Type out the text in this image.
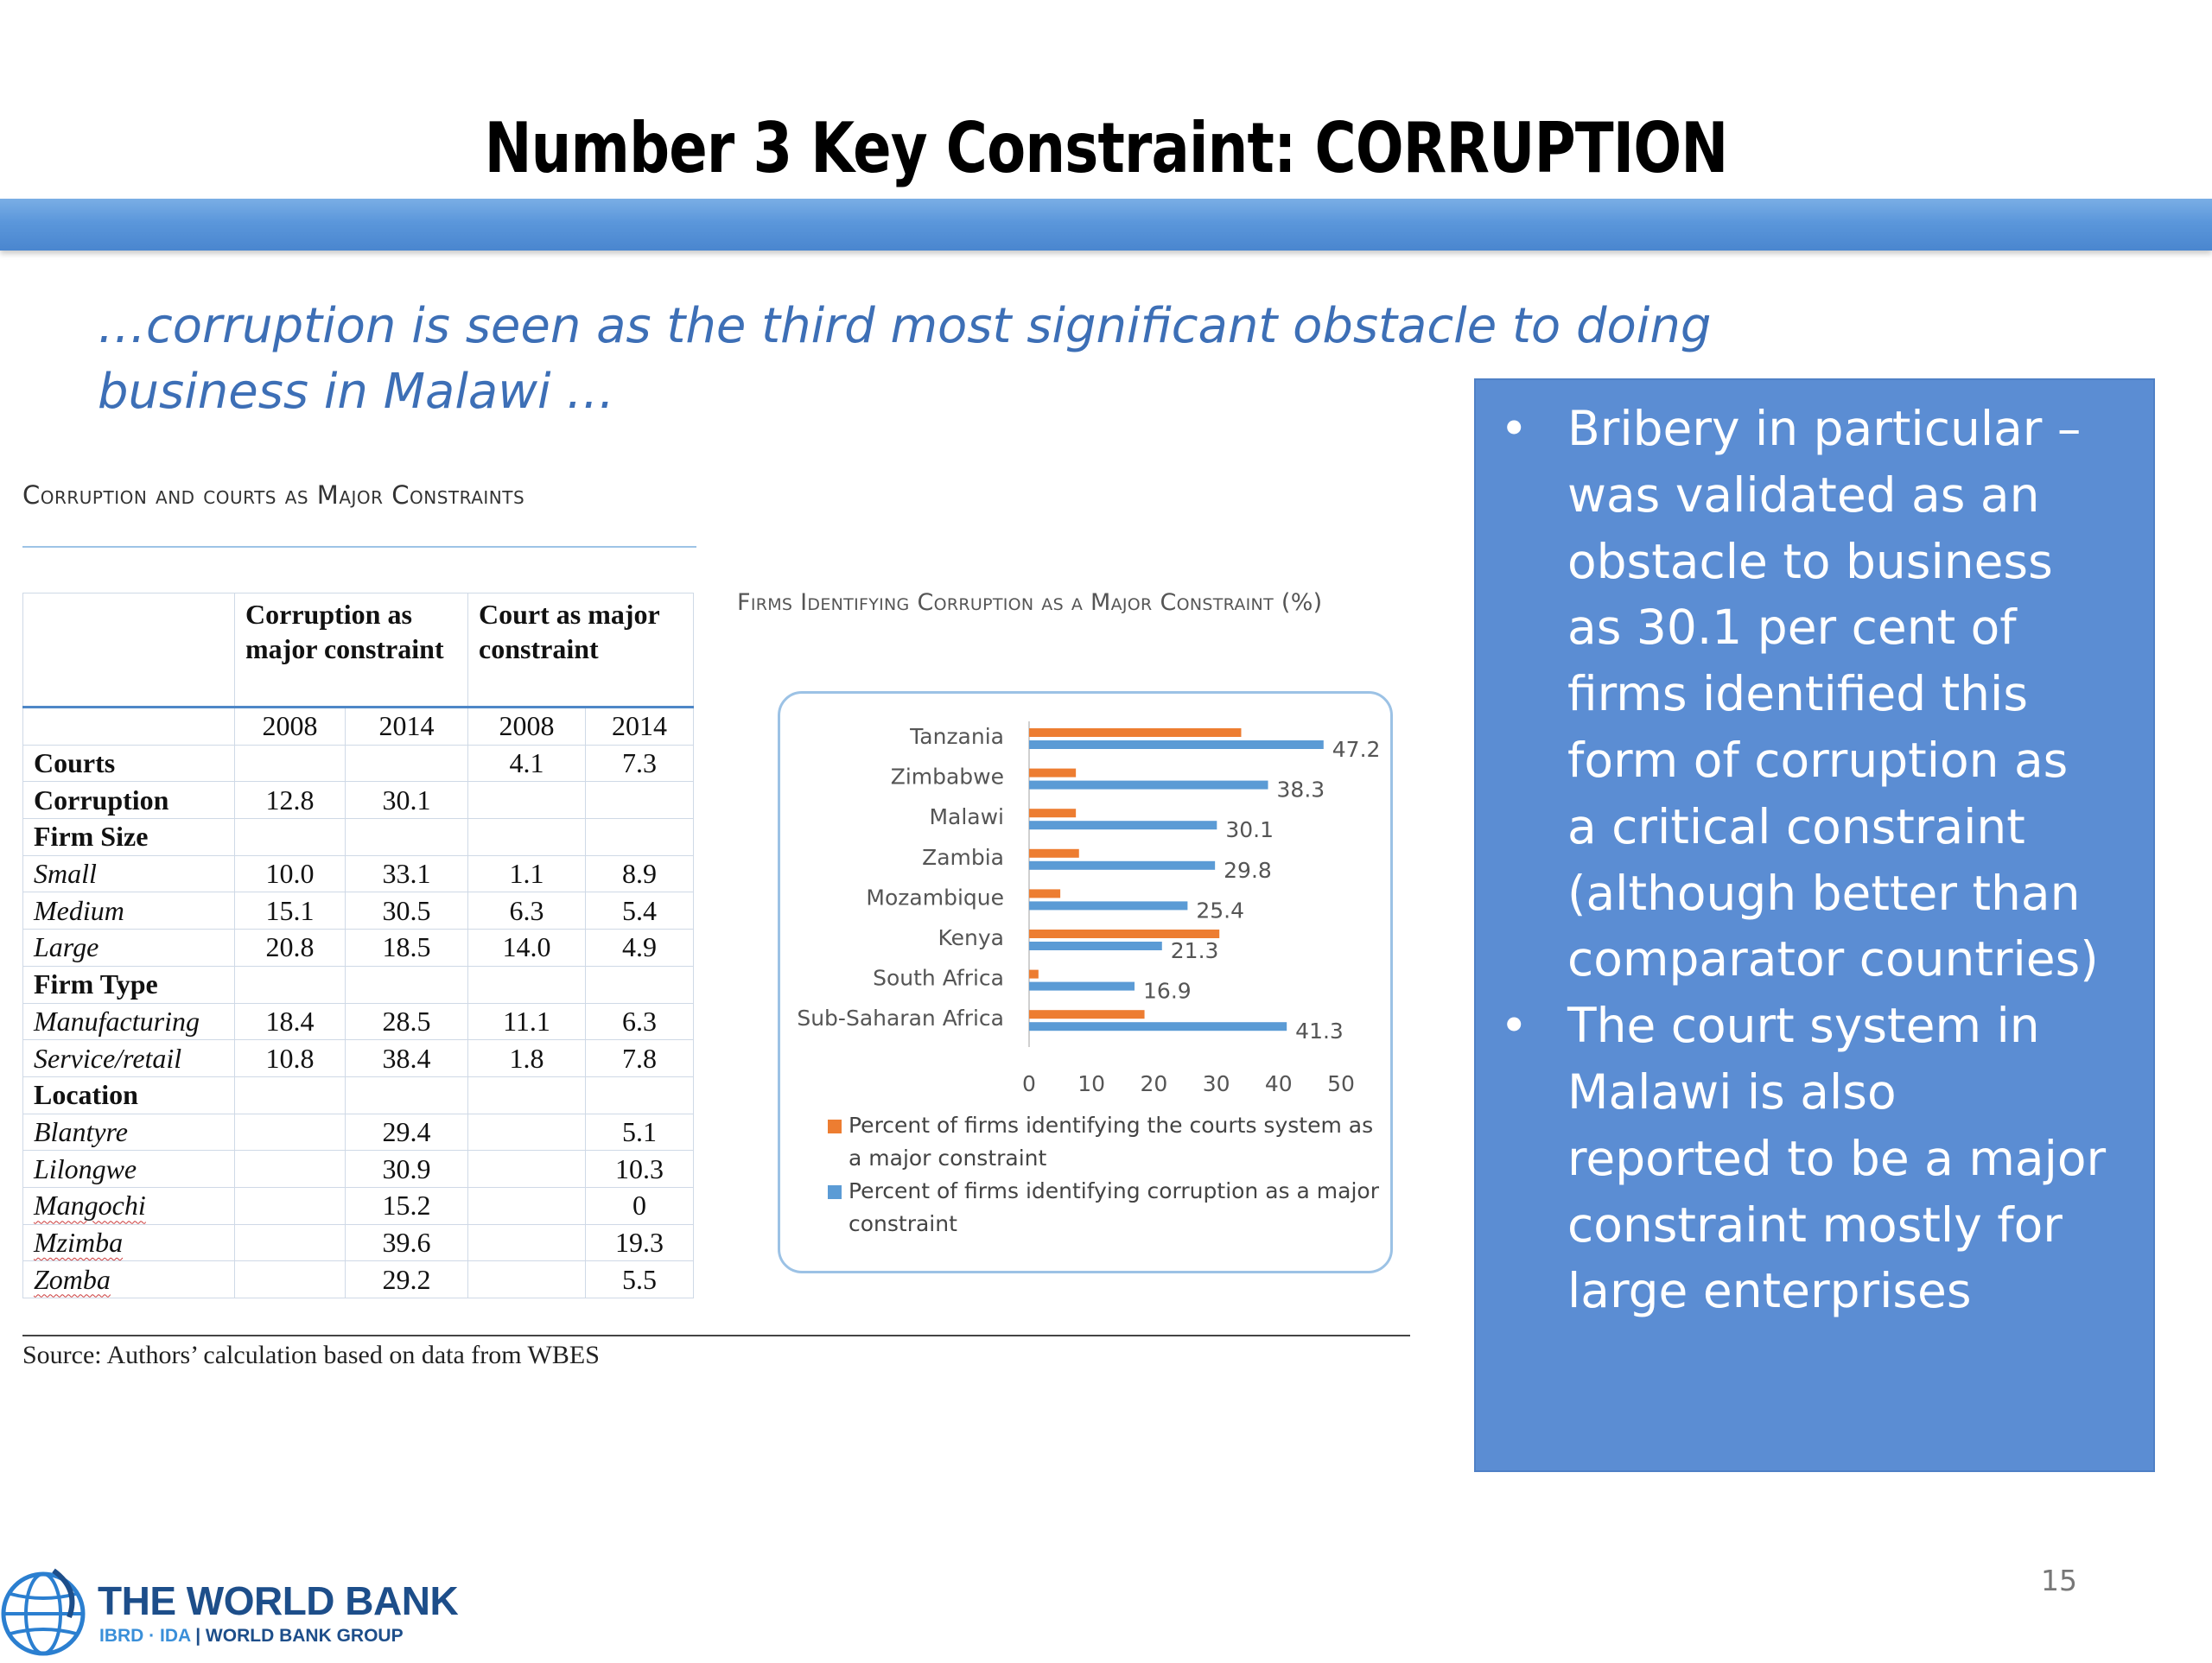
Number 3 Key Constraint: CORRUPTION
…corruption is seen as the third most significant obstacle to doing business in Malawi …
Corruption and courts as Major Constraints
	Corruption as major constraint		Court as major constraint	
	2008	2014	2008	2014
Courts			4.1	7.3
Corruption	12.8	30.1		
Firm Size				
Small	10.0	33.1	1.1	8.9
Medium	15.1	30.5	6.3	5.4
Large	20.8	18.5	14.0	4.9
Firm Type				
Manufacturing	18.4	28.5	11.1	6.3
Service/retail	10.8	38.4	1.8	7.8
Location				
Blantyre		29.4		5.1
Lilongwe		30.9		10.3
Mangochi		15.2		0
Mzimba		39.6		19.3
Zomba		29.2		5.5
Source: Authors’ calculation based on data from WBES
Firms Identifying Corruption as a Major Constraint (%)
Tanzania
47.2
Zimbabwe
38.3
Malawi
30.1
Zambia
29.8
Mozambique
25.4
Kenya
21.3
South Africa
16.9
Sub-Saharan Africa
41.3
0 10 20 30 40 50
Percent of firms identifying the courts system as a major constraint
Percent of firms identifying corruption as a major constraint
• Bribery in particular – was validated as an obstacle to business as 30.1 per cent of firms identified this form of corruption as a critical constraint (although better than comparator countries)
• The court system in Malawi is also reported to be a major constraint mostly for large enterprises
THE WORLD BANK
IBRD · IDA | WORLD BANK GROUP
15
